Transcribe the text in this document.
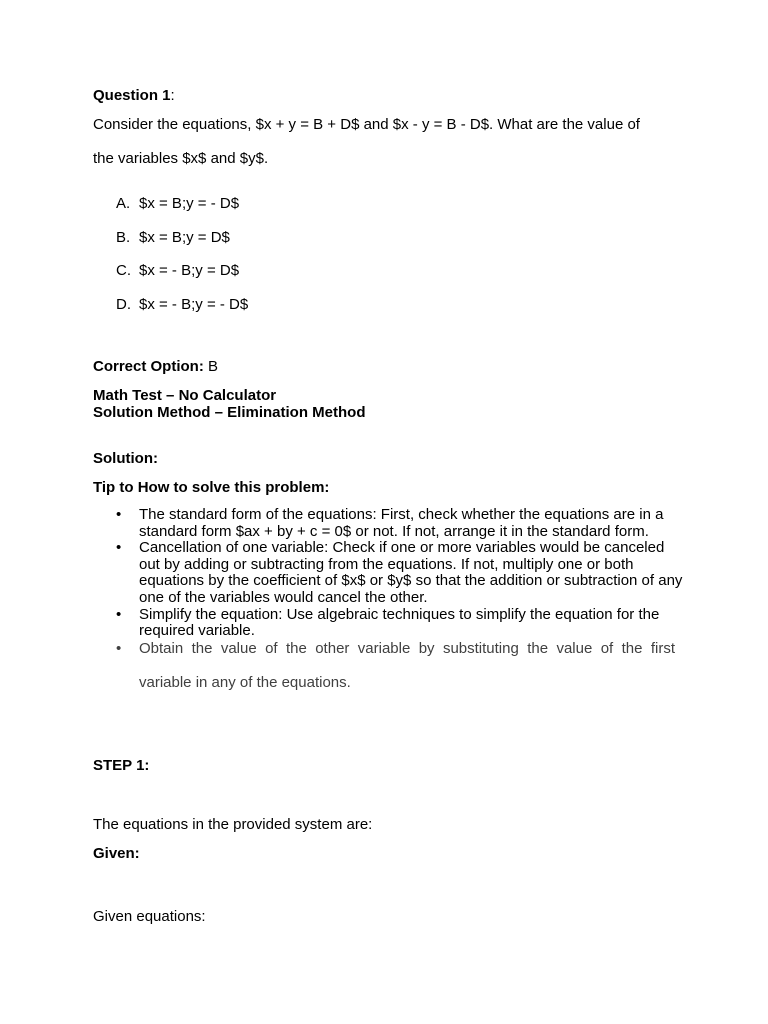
Question 1:
Consider the equations, $x + y = B + D$ and $x - y = B - D$. What are the value of
the variables $x$ and $y$.
A. $x = B;y = - D$
B. $x = B;y = D$
C. $x = - B;y = D$
D. $x = - B;y = - D$
Correct Option: B
Math Test – No Calculator
Solution Method – Elimination Method
Solution:
Tip to How to solve this problem:
• The standard form of the equations: First, check whether the equations are in a standard form $ax + by + c = 0$ or not. If not, arrange it in the standard form.
• Cancellation of one variable: Check if one or more variables would be canceled out by adding or subtracting from the equations. If not, multiply one or both equations by the coefficient of $x$ or $y$ so that the addition or subtraction of any one of the variables would cancel the other.
• Simplify the equation: Use algebraic techniques to simplify the equation for the required variable.
• Obtain the value of the other variable by substituting the value of the first variable in any of the equations.
STEP 1:
The equations in the provided system are:
Given:
Given equations:
